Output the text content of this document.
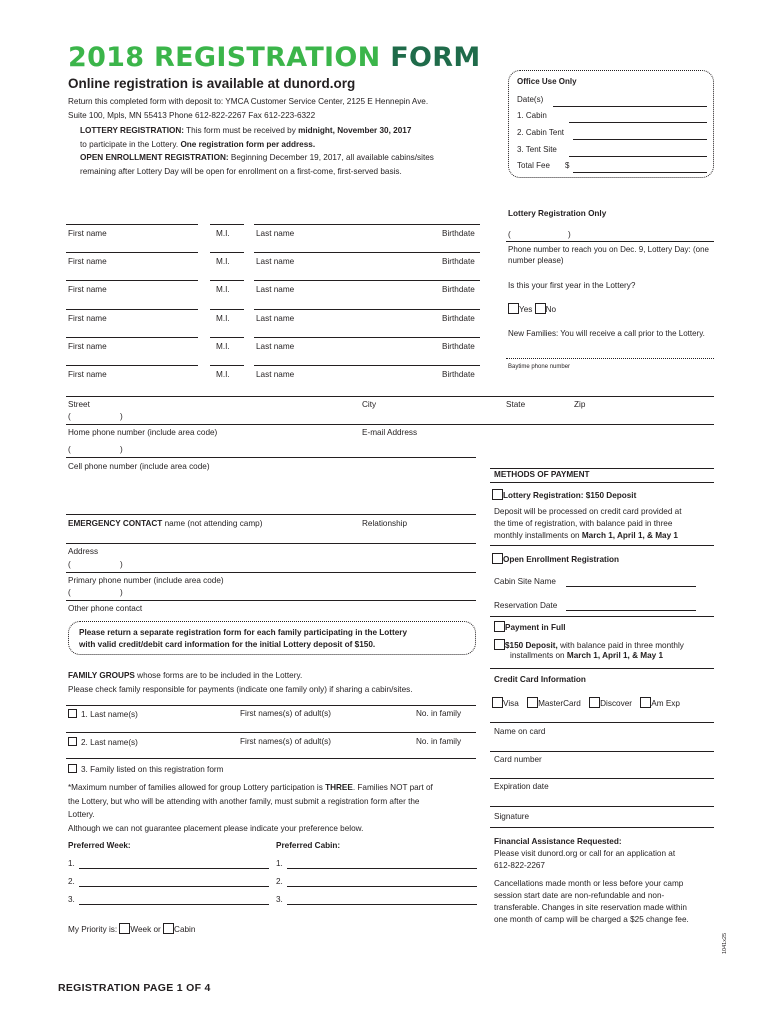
2018 REGISTRATION FORM
Online registration is available at dunord.org
Return this completed form with deposit to: YMCA Customer Service Center, 2125 E Hennepin Ave.
Suite 100, Mpls, MN 55413 Phone 612-822-2267 Fax 612-223-6322
LOTTERY REGISTRATION: This form must be received by midnight, November 30, 2017
to participate in the Lottery. One registration form per address.
OPEN ENROLLMENT REGISTRATION: Beginning December 19, 2017, all available cabins/sites
remaining after Lottery Day will be open for enrollment on a first-come, first-served basis.
Office Use Only
Date(s)
1. Cabin
2. Cabin Tent
3. Tent Site
Total Fee $
First name	M.I.	Last name	Birthdate
First name	M.I.	Last name	Birthdate
First name	M.I.	Last name	Birthdate
First name	M.I.	Last name	Birthdate
First name	M.I.	Last name	Birthdate
First name	M.I.	Last name	Birthdate
Lottery Registration Only
(	)
Phone number to reach you on Dec. 9, Lottery Day: (one number please)
Is this your first year in the Lottery?
Yes No
New Families: You will receive a call prior to the Lottery.
Baytime phone number
Street	City	State	Zip
(	)
Home phone number (include area code)	E-mail Address
(	)
Cell phone number (include area code)
EMERGENCY CONTACT name (not attending camp)	Relationship
Address
(	)
Primary phone number (include area code)
(	)
Other phone contact
Please return a separate registration form for each family participating in the Lottery
with valid credit/debit card information for the initial Lottery deposit of $150.
FAMILY GROUPS whose forms are to be included in the Lottery.
Please check family responsible for payments (indicate one family only) if sharing a cabin/sites.
1. Last name(s)	First names(s) of adult(s)	No. in family
2. Last name(s)	First names(s) of adult(s)	No. in family
3. Family listed on this registration form
*Maximum number of families allowed for group Lottery participation is THREE. Families NOT part of
the Lottery, but who will be attending with another family, must submit a registration form after the
Lottery.
Although we can not guarantee placement please indicate your preference below.
Preferred Week:	Preferred Cabin:
1.	1.
2.	2.
3.	3.
My Priority is: Week or Cabin
METHODS OF PAYMENT
Lottery Registration: $150 Deposit
Deposit will be processed on credit card provided at
the time of registration, with balance paid in three
monthly installments on March 1, April 1, & May 1
Open Enrollment Registration
Cabin Site Name
Reservation Date
Payment in Full
$150 Deposit, with balance paid in three monthly
installments on March 1, April 1, & May 1
Credit Card Information
Visa MasterCard Discover Am Exp
Name on card
Card number
Expiration date
Signature
Financial Assistance Requested:
Please visit dunord.org or call for an application at
612-822-2267
Cancellations made month or less before your camp
session start date are non-refundable and non-
transferable. Changes in site reservation made within
one month of camp will be charged a $25 change fee.
1041x25
REGISTRATION PAGE 1 OF 4
